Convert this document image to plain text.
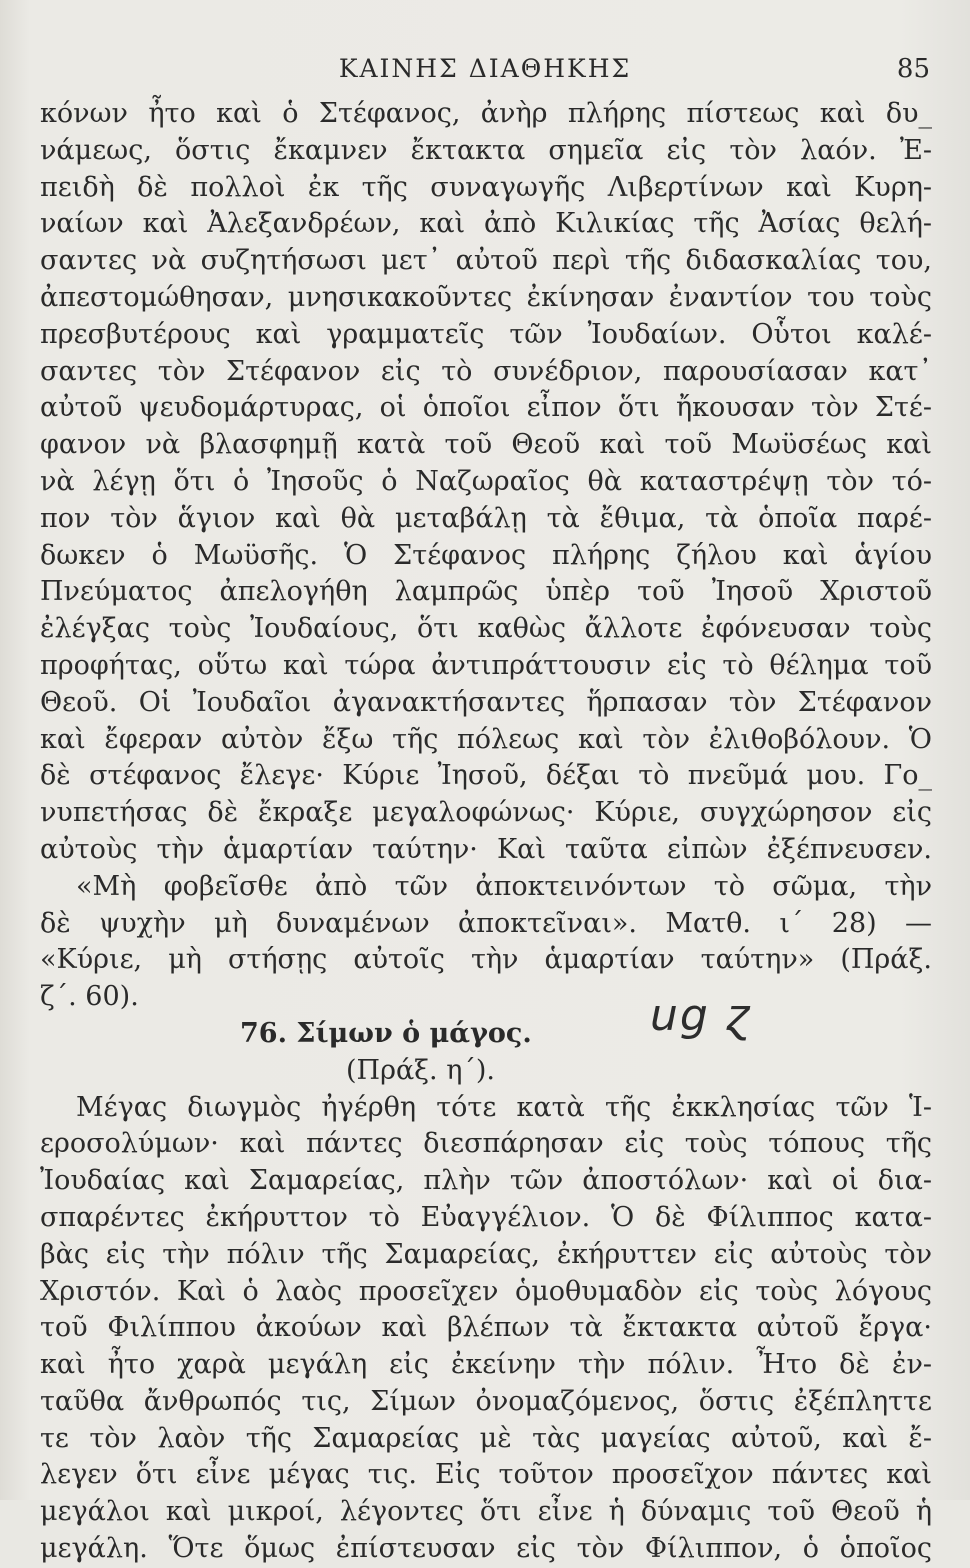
ΚΑΙΝΗΣ ΔΙΑΘΗΚΗΣ	85
κόνων ἦτο καὶ ὁ Στέφανος, ἀνὴρ πλήρης πίστεως καὶ δυ_
νάμεως, ὅστις ἔκαμνεν ἔκτακτα σημεῖα εἰς τὸν λαόν. Ἐ-
πειδὴ δὲ πολλοὶ ἐκ τῆς συναγωγῆς Λιβερτίνων καὶ Κυρη-
ναίων καὶ Ἀλεξανδρέων, καὶ ἀπὸ Κιλικίας τῆς Ἀσίας θελή-
σαντες νὰ συζητήσωσι μετ᾽ αὐτοῦ περὶ τῆς διδασκαλίας του,
ἀπεστομώθησαν, μνησικακοῦντες ἐκίνησαν ἐναντίον του τοὺς
πρεσβυτέρους καὶ γραμματεῖς τῶν Ἰουδαίων. Οὗτοι καλέ-
σαντες τὸν Στέφανον εἰς τὸ συνέδριον, παρουσίασαν κατ᾽
αὐτοῦ ψευδομάρτυρας, οἱ ὁποῖοι εἶπον ὅτι ἤκουσαν τὸν Στέ-
φανον νὰ βλασφημῇ κατὰ τοῦ Θεοῦ καὶ τοῦ Μωϋσέως καὶ
νὰ λέγῃ ὅτι ὁ Ἰησοῦς ὁ Ναζωραῖος θὰ καταστρέψῃ τὸν τό-
πον τὸν ἅγιον καὶ θὰ μεταβάλῃ τὰ ἔθιμα, τὰ ὁποῖα παρέ-
δωκεν ὁ Μωϋσῆς. Ὁ Στέφανος πλήρης ζήλου καὶ ἁγίου
Πνεύματος ἀπελογήθη λαμπρῶς ὑπὲρ τοῦ Ἰησοῦ Χριστοῦ
ἐλέγξας τοὺς Ἰουδαίους, ὅτι καθὼς ἄλλοτε ἐφόνευσαν τοὺς
προφήτας, οὕτω καὶ τώρα ἀντιπράττουσιν εἰς τὸ θέλημα τοῦ
Θεοῦ. Οἱ Ἰουδαῖοι ἀγανακτήσαντες ἥρπασαν τὸν Στέφανον
καὶ ἔφεραν αὐτὸν ἔξω τῆς πόλεως καὶ τὸν ἐλιθοβόλουν. Ὁ
δὲ στέφανος ἔλεγε· Κύριε Ἰησοῦ, δέξαι τὸ πνεῦμά μου. Γο_
νυπετήσας δὲ ἔκραξε μεγαλοφώνως· Κύριε, συγχώρησον εἰς
αὐτοὺς τὴν ἁμαρτίαν ταύτην· Καὶ ταῦτα εἰπὼν ἐξέπνευσεν.
«Μὴ φοβεῖσθε ἀπὸ τῶν ἀποκτεινόντων τὸ σῶμα, τὴν
δὲ ψυχὴν μὴ δυναμένων ἀποκτεῖναι». Ματθ. ι΄ 28) —
«Κύριε, μὴ στήσῃς αὐτοῖς τὴν ἁμαρτίαν ταύτην» (Πράξ.
ζ΄. 60).
76. Σίμων ὁ μάγος.	ug ɀ
(Πράξ. η΄).
Μέγας διωγμὸς ἠγέρθη τότε κατὰ τῆς ἐκκλησίας τῶν Ἱ-
εροσολύμων· καὶ πάντες διεσπάρησαν εἰς τοὺς τόπους τῆς
Ἰουδαίας καὶ Σαμαρείας, πλὴν τῶν ἀποστόλων· καὶ οἱ δια-
σπαρέντες ἐκήρυττον τὸ Εὐαγγέλιον. Ὁ δὲ Φίλιππος κατα-
βὰς εἰς τὴν πόλιν τῆς Σαμαρείας, ἐκήρυττεν εἰς αὐτοὺς τὸν
Χριστόν. Καὶ ὁ λαὸς προσεῖχεν ὁμοθυμαδὸν εἰς τοὺς λόγους
τοῦ Φιλίππου ἀκούων καὶ βλέπων τὰ ἔκτακτα αὐτοῦ ἔργα·
καὶ ἦτο χαρὰ μεγάλη εἰς ἐκείνην τὴν πόλιν. Ἦτο δὲ ἐν-
ταῦθα ἄνθρωπός τις, Σίμων ὀνομαζόμενος, ὅστις ἐξέπληττε
τε τὸν λαὸν τῆς Σαμαρείας μὲ τὰς μαγείας αὐτοῦ, καὶ ἔ-
λεγεν ὅτι εἶνε μέγας τις. Εἰς τοῦτον προσεῖχον πάντες καὶ
μεγάλοι καὶ μικροί, λέγοντες ὅτι εἶνε ἡ δύναμις τοῦ Θεοῦ ἡ
μεγάλη. Ὅτε ὅμως ἐπίστευσαν εἰς τὸν Φίλιππον, ὁ ὁποῖος
